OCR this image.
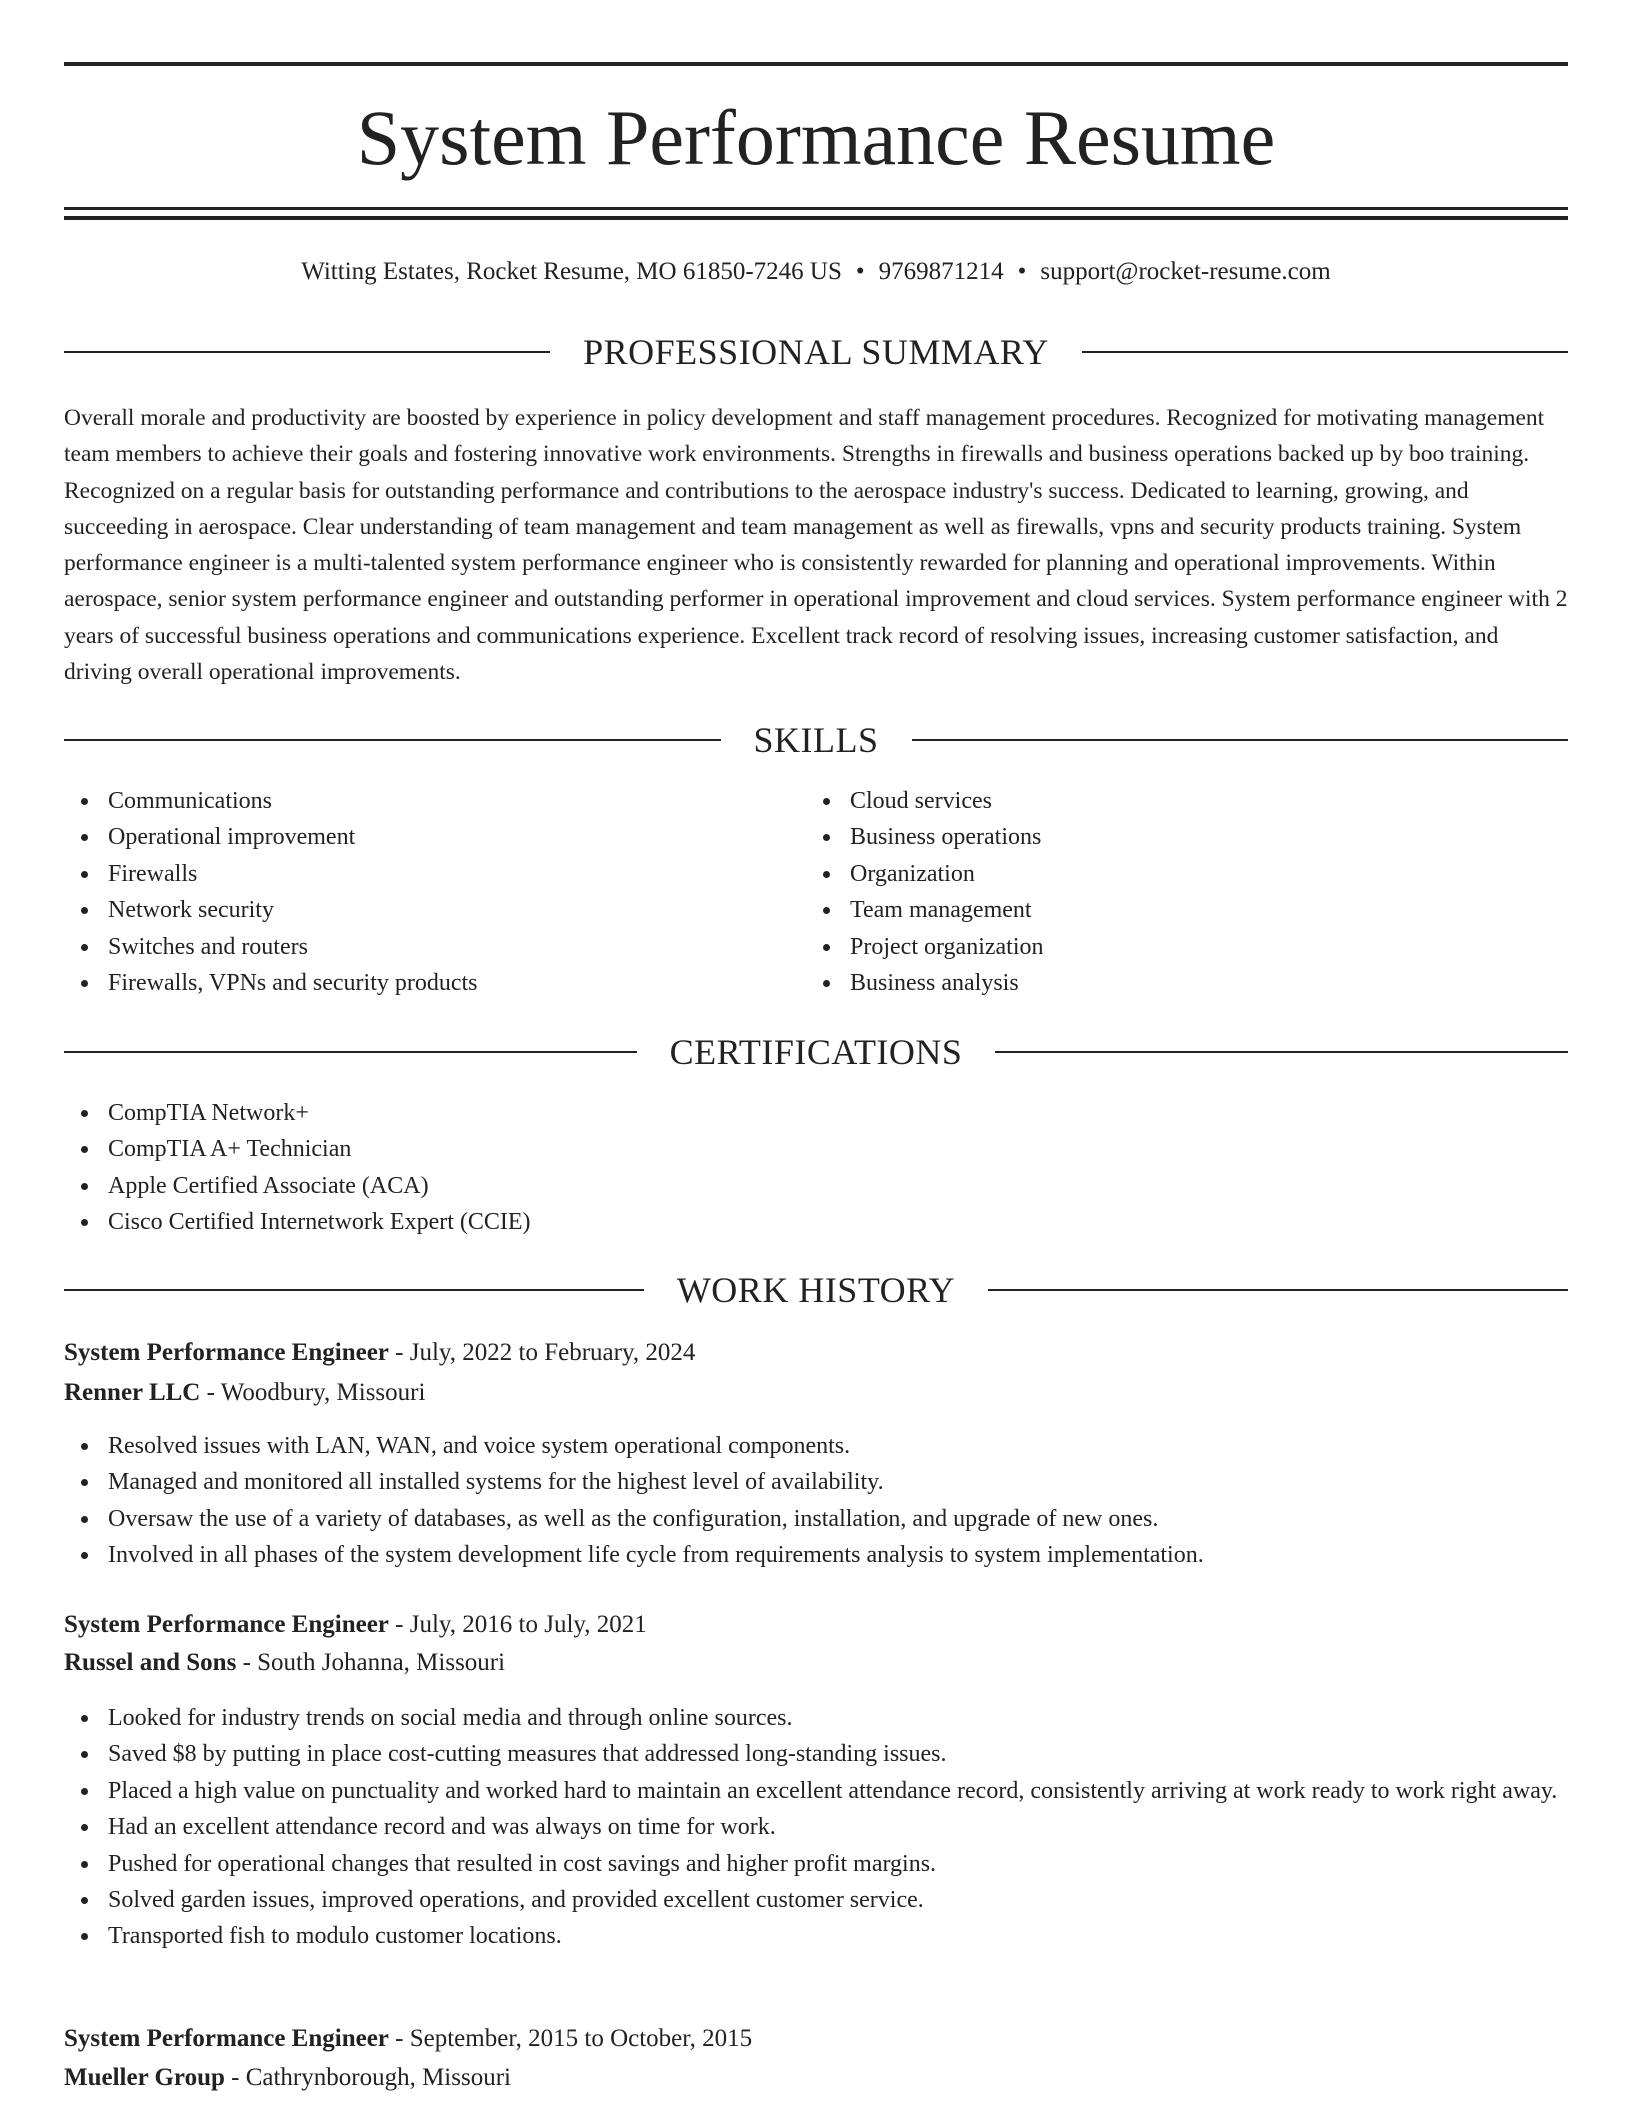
System Performance Resume
Witting Estates, Rocket Resume, MO 61850-7246 US • 9769871214 • support@rocket-resume.com
PROFESSIONAL SUMMARY

Overall morale and productivity are boosted by experience in policy development and staff management procedures. Recognized for motivating management team members to achieve their goals and fostering innovative work environments. Strengths in firewalls and business operations backed up by boo training. Recognized on a regular basis for outstanding performance and contributions to the aerospace industry's success. Dedicated to learning, growing, and succeeding in aerospace. Clear understanding of team management and team management as well as firewalls, vpns and security products training. System performance engineer is a multi-talented system performance engineer who is consistently rewarded for planning and operational improvements. Within aerospace, senior system performance engineer and outstanding performer in operational improvement and cloud services. System performance engineer with 2 years of successful business operations and communications experience. Excellent track record of resolving issues, increasing customer satisfaction, and driving overall operational improvements.

SKILLS
Communications
Operational improvement
Firewalls
Network security
Switches and routers
Firewalls, VPNs and security products
Cloud services
Business operations
Organization
Team management
Project organization
Business analysis
CERTIFICATIONS
CompTIA Network+
CompTIA A+ Technician
Apple Certified Associate (ACA)
Cisco Certified Internetwork Expert (CCIE)
WORK HISTORY
System Performance Engineer - July, 2022 to February, 2024
Renner LLC - Woodbury, Missouri
Resolved issues with LAN, WAN, and voice system operational components.
Managed and monitored all installed systems for the highest level of availability.
Oversaw the use of a variety of databases, as well as the configuration, installation, and upgrade of new ones.
Involved in all phases of the system development life cycle from requirements analysis to system implementation.
System Performance Engineer - July, 2016 to July, 2021
Russel and Sons - South Johanna, Missouri
Looked for industry trends on social media and through online sources.
Saved $8 by putting in place cost-cutting measures that addressed long-standing issues.
Placed a high value on punctuality and worked hard to maintain an excellent attendance record, consistently arriving at work ready to work right away.
Had an excellent attendance record and was always on time for work.
Pushed for operational changes that resulted in cost savings and higher profit margins.
Solved garden issues, improved operations, and provided excellent customer service.
Transported fish to modulo customer locations.
System Performance Engineer - September, 2015 to October, 2015
Mueller Group - Cathrynborough, Missouri
